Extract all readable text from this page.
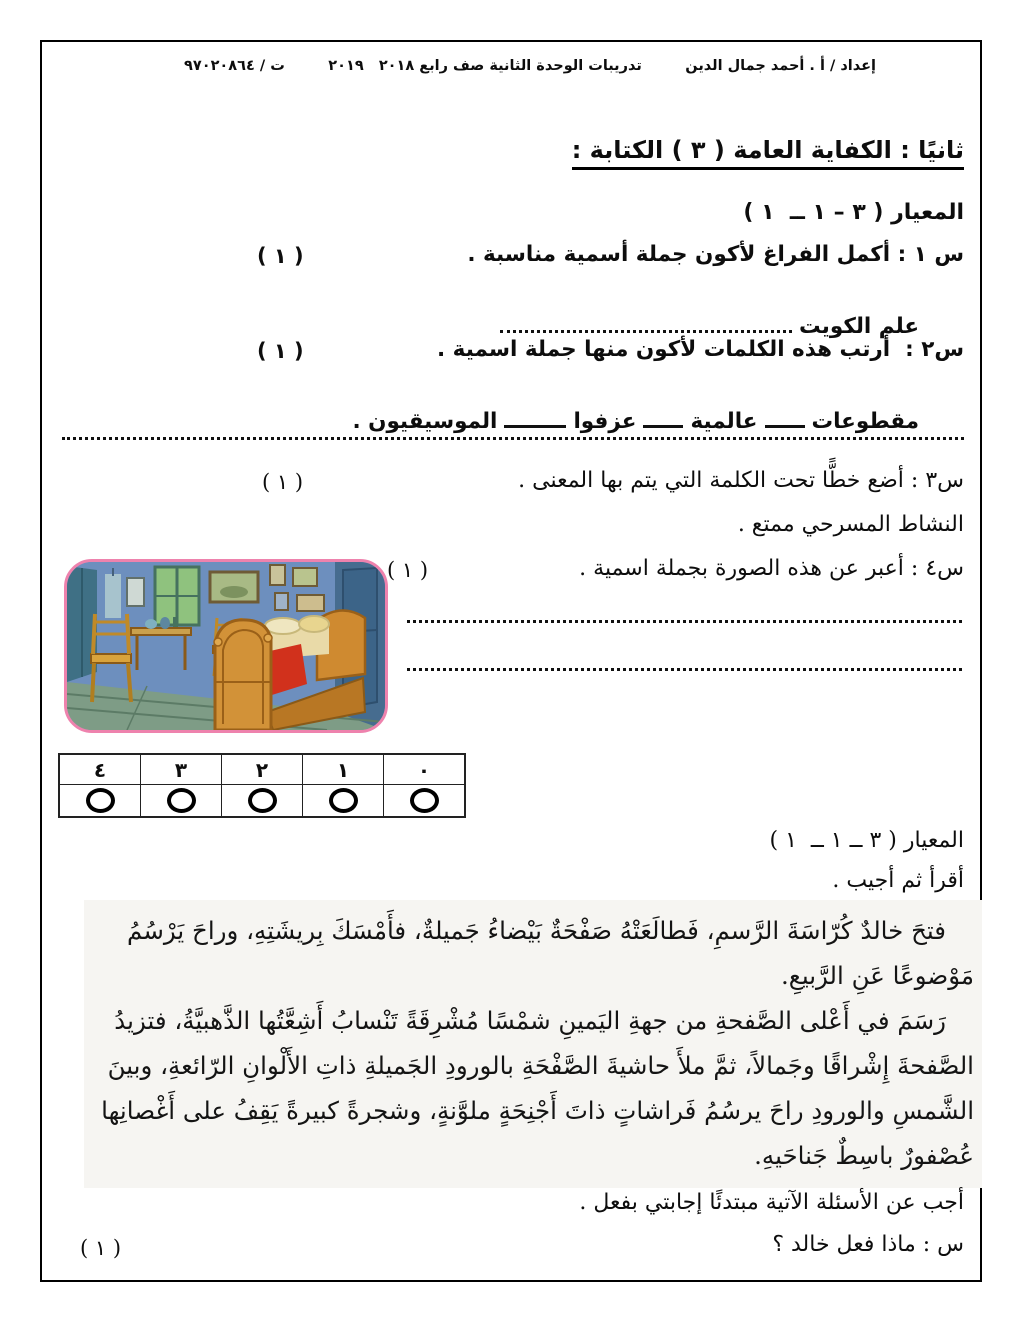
إعداد / أ . أحمد جمال الدين
تدريبات الوحدة الثانية صف رابع ٢٠١٨   ٢٠١٩
ت / ٩٧٠٢٠٨٦٤
ثانيًا : الكفاية العامة ( ٣ ) الكتابة :
المعيار ( ٣ – ١ ــ  ١ )
س ١ : أكمل الفراغ لأكون جملة أسمية مناسبة .
( ١ )

علم الكويت

س٢ :  أرتب هذه الكلمات لأكون منها جملة اسمية .
( ١ )

مقطوعاتعالميةعزفواالموسيقيون .

س٣ : أضع خطًّا تحت الكلمة التي يتم بها المعنى .
( ١ )
النشاط المسرحي ممتع .
س٤ : أعبر عن هذه الصورة بجملة اسمية .
( ١ )
٤	٣	٢	١	٠

المعيار ( ٣ ــ ١ ــ  ١ )
أقرأ ثم أجيب .
فتحَ خالدٌ كُرّاسَةَ الرَّسمِ، فَطالَعَتْهُ صَفْحَةٌ بَيْضاءُ جَميلةٌ، فأَمْسَكَ بِريشَتِهِ، وراحَ يَرْسُمُ
مَوْضوعًا عَنِ الرَّبيعِ.
رَسَمَ في أَعْلى الصَّفحةِ من جهةِ اليَمينِ شمْسًا مُشْرِقَةً تَنْسابُ أَشِعَّتُها الذَّهبيَّةُ، فتزيدُ
الصَّفحةَ إِشْراقًا وجَمالاً، ثمَّ ملأَ حاشيةَ الصَّفْحَةِ بالورودِ الجَميلةِ ذاتِ الأَلْوانِ الرّائعةِ، وبينَ
الشَّمسِ والورودِ راحَ يرسُمُ فَراشاتٍ ذاتَ أَجْنِحَةٍ ملوَّنةٍ، وشجرةً كبيرةً يَقِفُ على أَغْصانِها
عُصْفورٌ باسِطٌ جَناحَيهِ.
أجب عن الأسئلة الآتية مبتدئًا إجابتي بفعل .
س : ماذا فعل خالد ؟
( ١ )
